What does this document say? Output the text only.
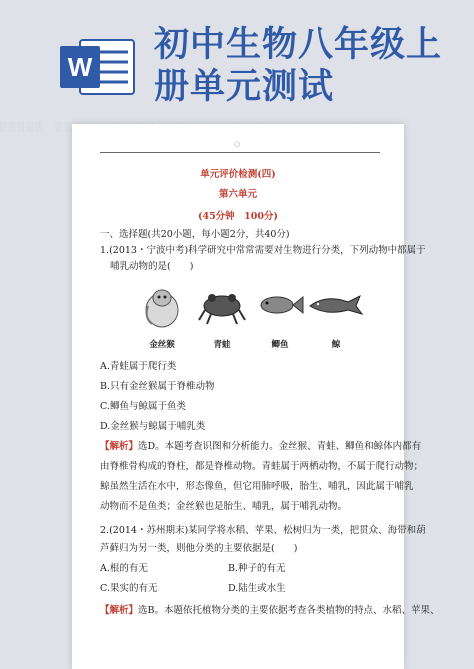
W
初中生物八年级上
册单元测试
░░░░░　　　　　　
○
单元评价检测(四)
第六单元
(45分钟　100分)
一、选择题(共20小题，每小题2分，共40分)
1.(2013・宁波中考)科学研究中常常需要对生物进行分类，下列动物中都属于
哺乳动物的是(　　)
金丝猴	青蛙	鲫鱼	鲸
A.青蛙属于爬行类
B.只有金丝猴属于脊椎动物
C.鲫鱼与鲸属于鱼类
D.金丝猴与鲸属于哺乳类
【解析】选D。本题考查识图和分析能力。金丝猴、青蛙、鲫鱼和鲸体内都有
由脊椎骨构成的脊柱，都是脊椎动物。青蛙属于两栖动物，不属于爬行动物；
鲸虽然生活在水中，形态像鱼，但它用肺呼吸，胎生、哺乳，因此属于哺乳
动物而不是鱼类；金丝猴也是胎生、哺乳，属于哺乳动物。
2.(2014・苏州期末)某同学将水稻、苹果、松树归为一类，把贯众、海带和葫
芦藓归为另一类，则他分类的主要依据是(　　)
A.根的有无	B.种子的有无
C.果实的有无	D.陆生或水生
【解析】选B。本题依托植物分类的主要依据考查各类植物的特点、水稻、苹果、
